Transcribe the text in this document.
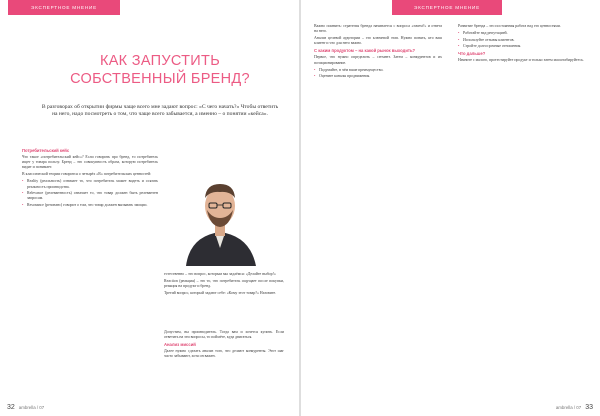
ЭКСПЕРТНОЕ МНЕНИЕ
КАК ЗАПУСТИТЬ
СОБСТВЕННЫЙ БРЕНД?

В разговорах об открытии фирмы чаще всего мне задают вопрос: «С чего начать?» Чтобы ответить на него, надо посмотреть о том, что чаще всего забывается, а именно – о понятии «кейса».

Потребительский кейс

Что такое «потребительский кейс»? Если говорить про бренд, то потребитель ищет у товара пользу. Бренд – это совокупность образа, которую потребитель видит и понимает.

В классической теории говорится о четырёх «R» потребительских ценностей:

• Reality (реальность) означает то, что потребитель может видеть и осязать реальность производства.
• Relevance (релевантность) означает то, что товар должен быть релевантен запросам.
• Resonance (резонанс) говорит о том, что товар должен вызывать эмоции.

естественно – это вопрос, которым мы задаёмся: «Делайте выбор!»

Reaction (реакция) – это то, что потребитель ощущает после покупки, реакция на продукт и бренд.

Третий вопрос, который задают себе: «Кому этот товар?» Назовите.

Допустим, вы производитель. Тогда вам и хочется купить. Если ответить на эти вопросы, то поймёте, куда двигаться.

Анализ миссий

Далее нужно сделать анализ того, что делают конкуренты. Этот шаг часто забывают, хотя он важен.

32 ambrella / 07
ЭКСПЕРТНОЕ МНЕНИЕ

Важно помнить: стратегия бренда начинается с вопроса «зачем?» и ответа на него.

Анализ целевой аудитории – это ключевой этап. Нужно понять, кто ваш клиент и что для него важно.

С каким продуктом – на какой рынок выходить?

Первое, что нужно определить – сегмент. Затем – конкурентов и их позиционирование.

• Подумайте, в чём ваше преимущество.
• Оцените каналы продвижения.

Развитие бренда – это постоянная работа над его ценностями.

• Работайте над репутацией.
• Используйте отзывы клиентов.
• Стройте долгосрочные отношения.
Что дальше?

Начните с малого, протестируйте продукт и только затем масштабируйтесь.

ambrella / 07 33
